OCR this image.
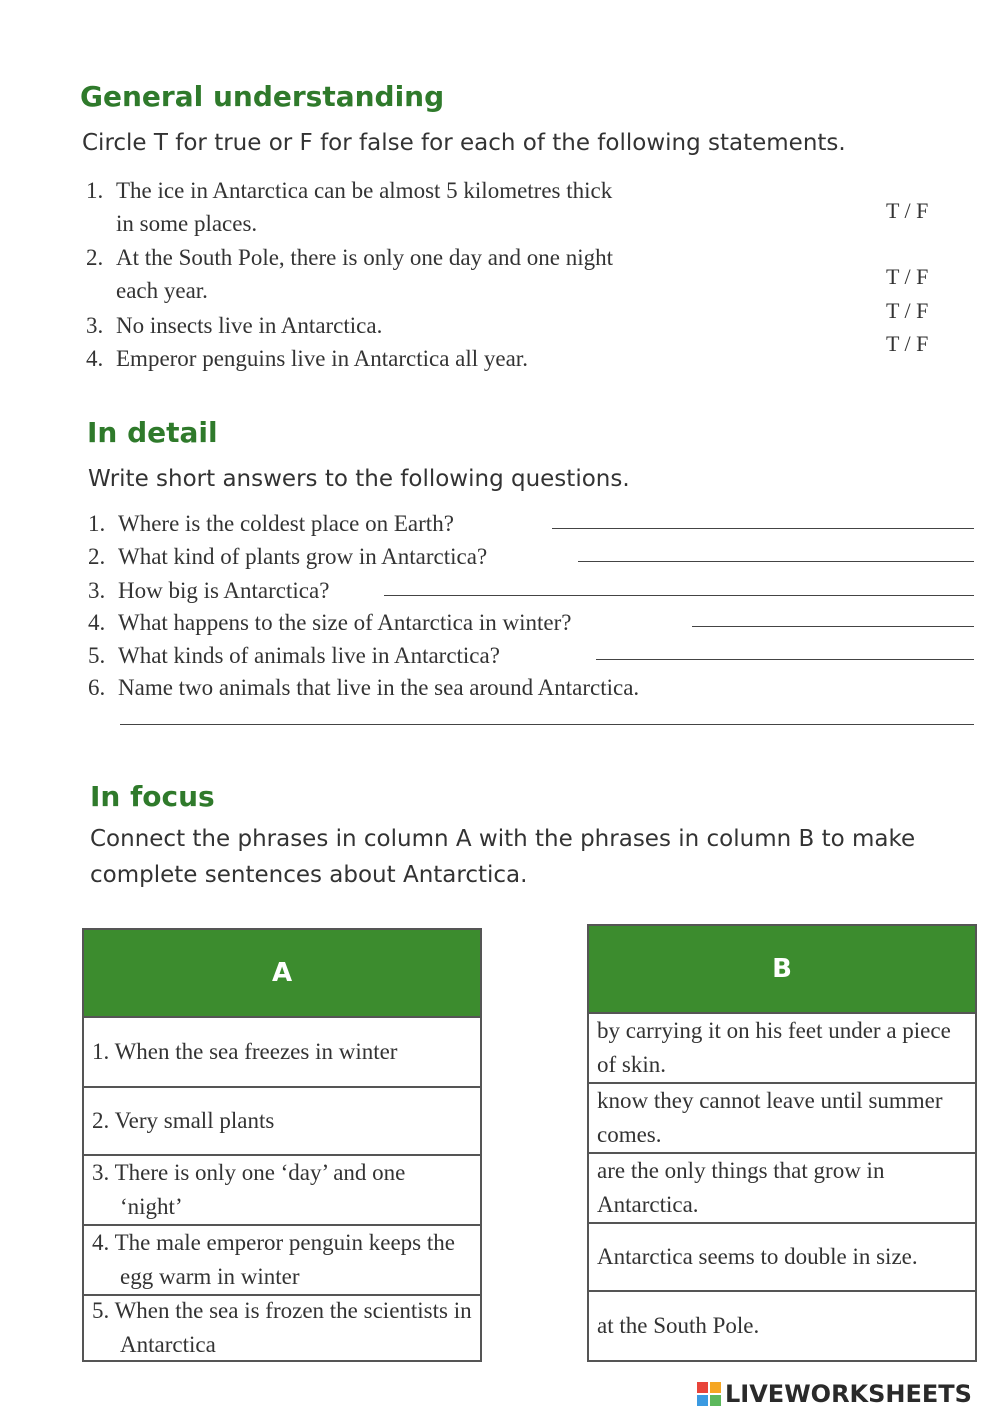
General understanding

Circle T for true or F for false for each of the following statements.

1. The ice in Antarctica can be almost 5 kilometres thick
in some places.
T / F
2. At the South Pole, there is only one day and one night
each year.
T / F
3. No insects live in Antarctica.
T / F
4. Emperor penguins live in Antarctica all year.
T / F
In detail

Write short answers to the following questions.

1. Where is the coldest place on Earth?
2. What kind of plants grow in Antarctica?
3. How big is Antarctica?
4. What happens to the size of Antarctica in winter?
5. What kinds of animals live in Antarctica?
6. Name two animals that live in the sea around Antarctica.
In focus

Connect the phrases in column A with the phrases in column B to make

complete sentences about Antarctica.

A
1. When the sea freezes in winter
2. Very small plants
3. There is only one ‘day’ and one ‘night’
4. The male emperor penguin keeps the egg warm in winter
5. When the sea is frozen the scientists in Antarctica
B
by carrying it on his feet under a piece of skin.
know they cannot leave until summer comes.
are the only things that grow in Antarctica.
Antarctica seems to double in size.
at the South Pole.
LIVEWORKSHEETS
